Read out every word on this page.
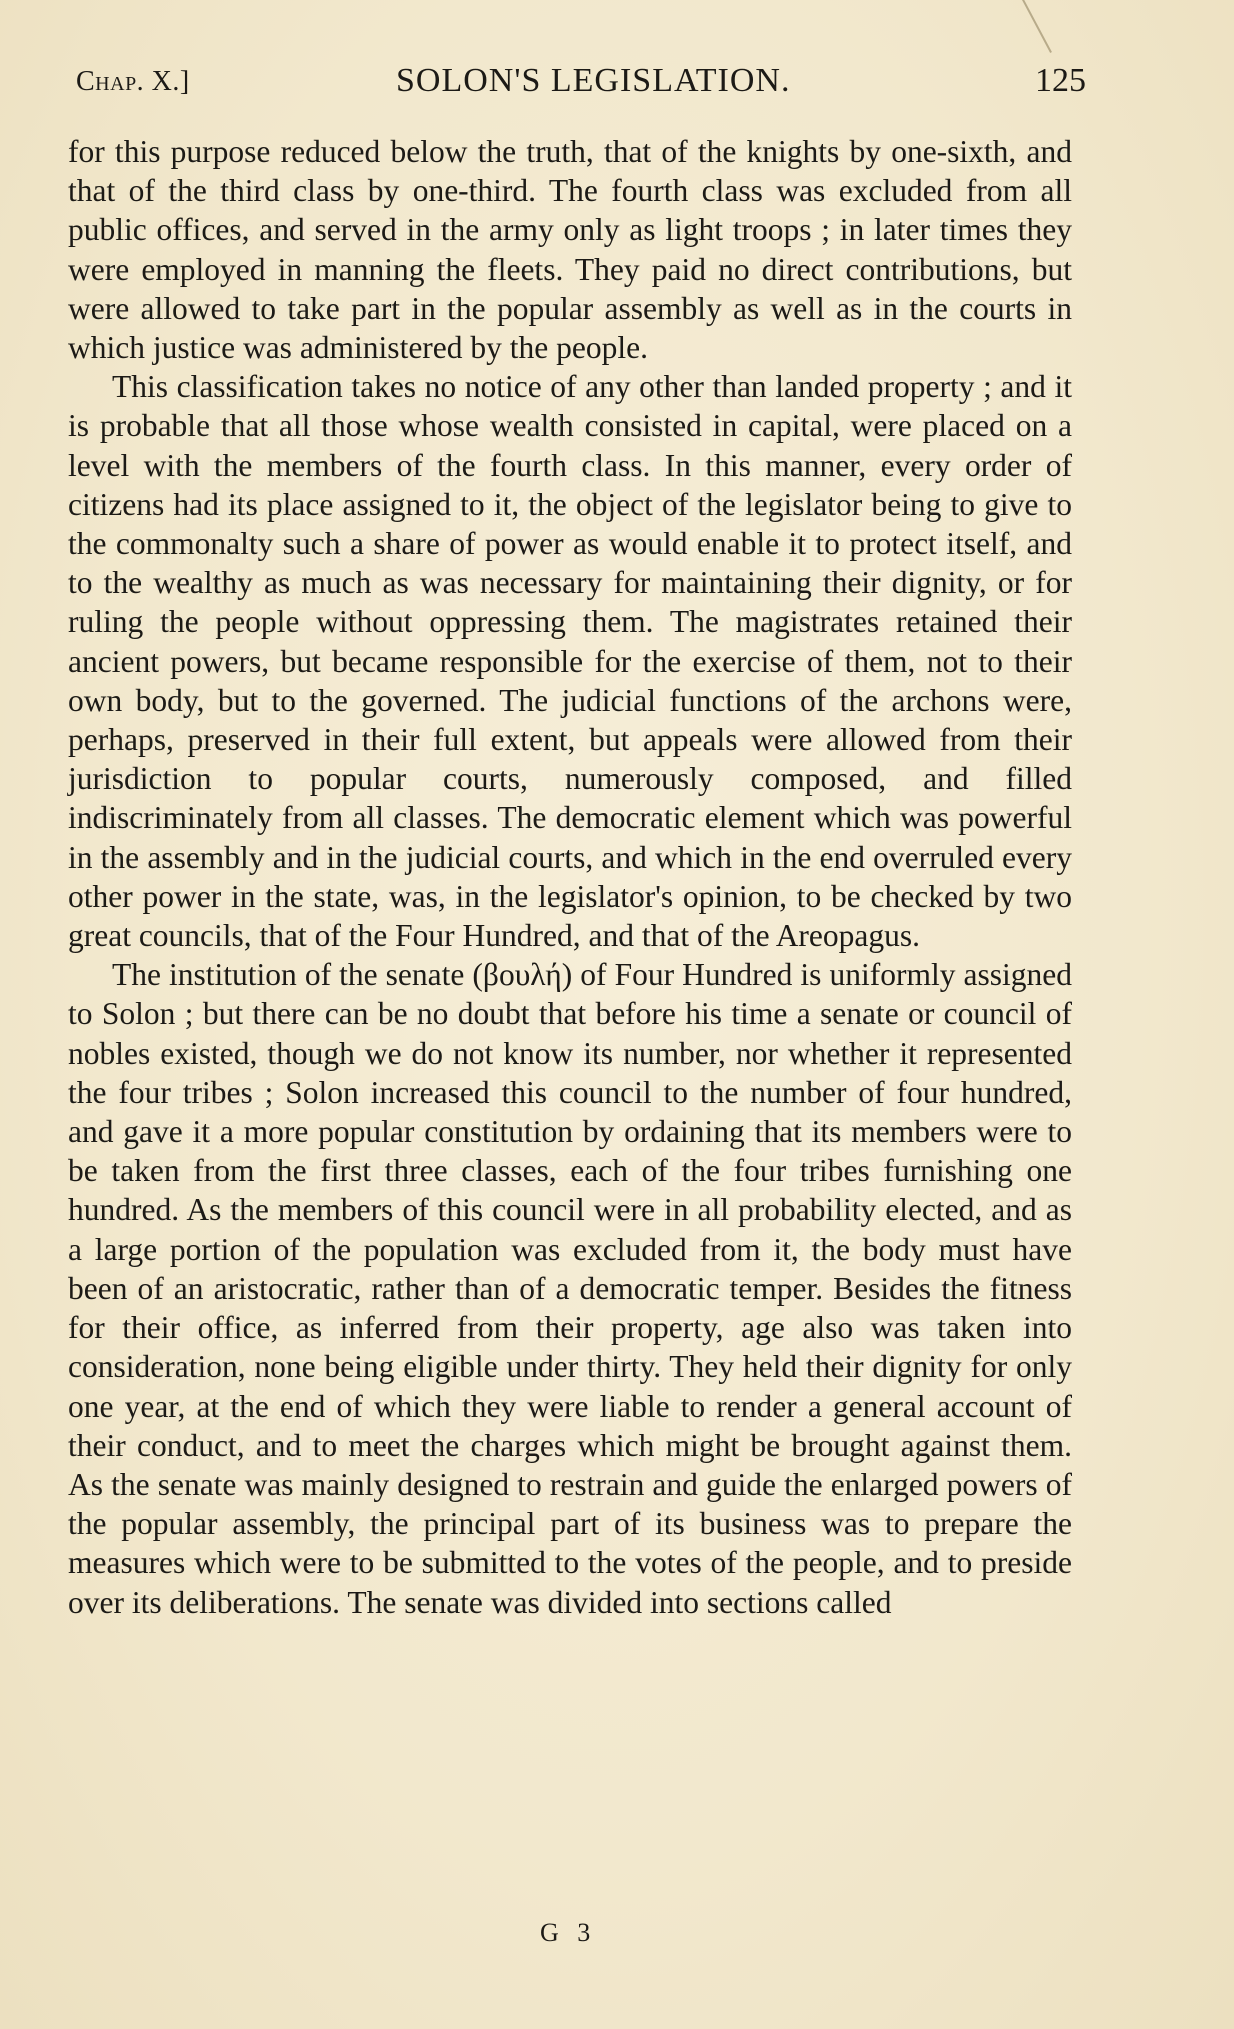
Chap. X.]	SOLON'S LEGISLATION.	125

for this purpose reduced below the truth, that of the knights by one-sixth, and that of the third class by one-third. The fourth class was excluded from all public offices, and served in the army only as light troops ; in later times they were employed in manning the fleets. They paid no direct contributions, but were allowed to take part in the popular assembly as well as in the courts in which justice was administered by the people.

This classification takes no notice of any other than landed property ; and it is probable that all those whose wealth consisted in capital, were placed on a level with the members of the fourth class. In this manner, every order of citizens had its place assigned to it, the object of the legislator being to give to the commonalty such a share of power as would enable it to protect itself, and to the wealthy as much as was necessary for maintaining their dignity, or for ruling the people without oppressing them. The magistrates retained their ancient powers, but became responsible for the exercise of them, not to their own body, but to the governed. The judicial functions of the archons were, perhaps, preserved in their full extent, but appeals were allowed from their jurisdiction to popular courts, numerously composed, and filled indiscriminately from all classes. The democratic element which was powerful in the assembly and in the judicial courts, and which in the end overruled every other power in the state, was, in the legislator's opinion, to be checked by two great councils, that of the Four Hundred, and that of the Areopagus.

The institution of the senate (βουλή) of Four Hundred is uniformly assigned to Solon ; but there can be no doubt that before his time a senate or council of nobles existed, though we do not know its number, nor whether it represented the four tribes ; Solon increased this council to the number of four hundred, and gave it a more popular constitution by ordaining that its members were to be taken from the first three classes, each of the four tribes furnishing one hundred. As the members of this council were in all probability elected, and as a large portion of the population was excluded from it, the body must have been of an aristocratic, rather than of a democratic temper. Besides the fitness for their office, as inferred from their property, age also was taken into consideration, none being eligible under thirty. They held their dignity for only one year, at the end of which they were liable to render a general account of their conduct, and to meet the charges which might be brought against them. As the senate was mainly designed to restrain and guide the enlarged powers of the popular assembly, the principal part of its business was to prepare the measures which were to be submitted to the votes of the people, and to preside over its deliberations. The senate was divided into sections called

G 3
